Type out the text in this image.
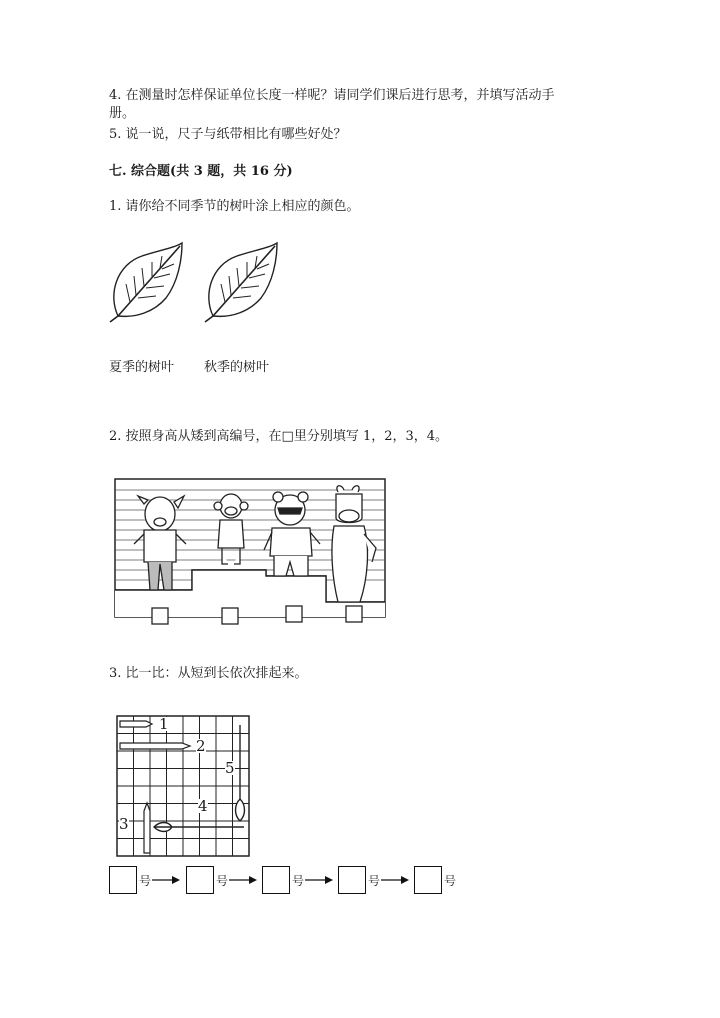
4. 在测量时怎样保证单位长度一样呢？请同学们课后进行思考，并填写活动手
册。
5. 说一说，尺子与纸带相比有哪些好处？
七. 综合题(共 3 题，共 16 分)
1. 请你给不同季节的树叶涂上相应的颜色。
夏季的树叶 秋季的树叶
2. 按照身高从矮到高编号，在□里分别填写 1，2，3，4。
3. 比一比：从短到长依次排起来。
1
2
3
4
5
号	号	号	号	号
